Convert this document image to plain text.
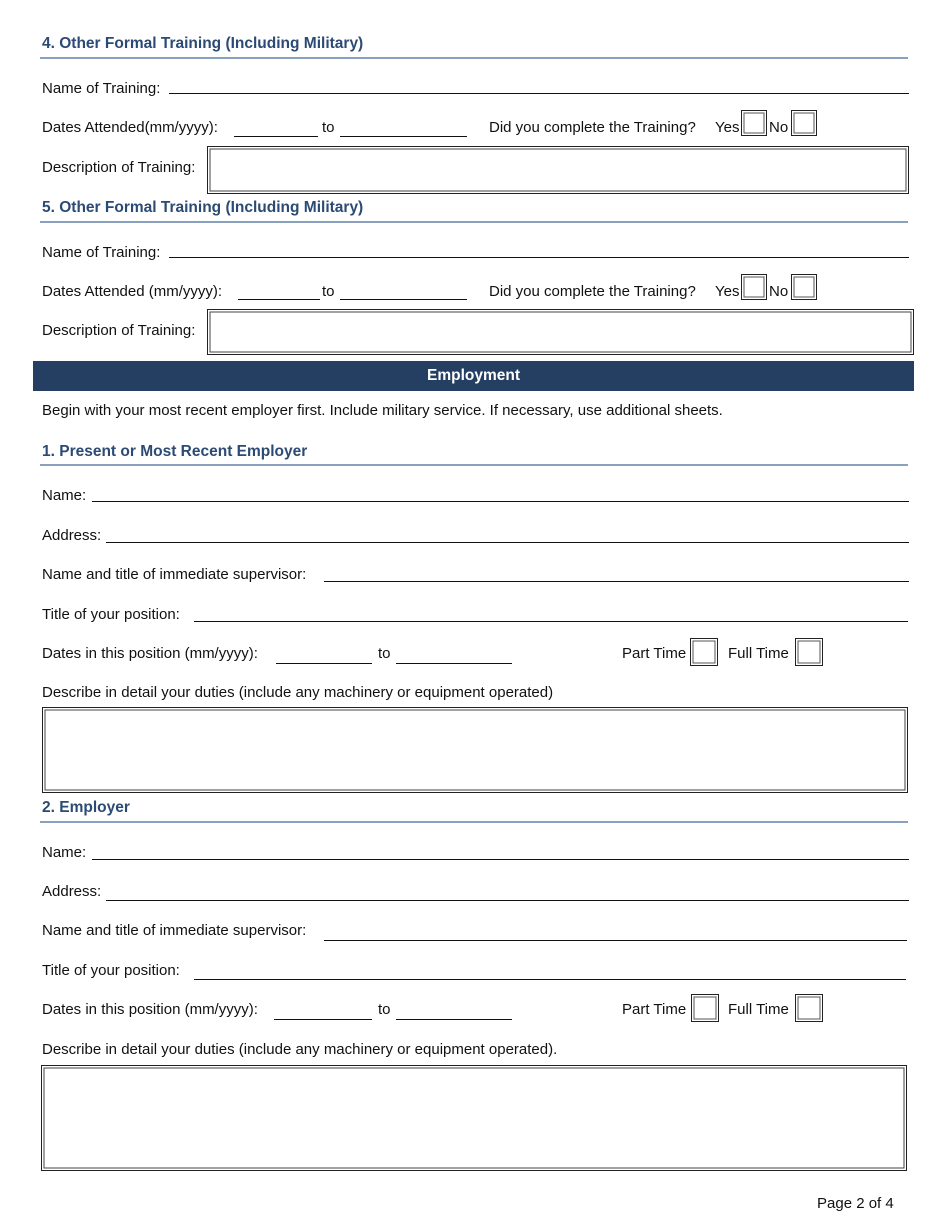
4. Other Formal Training (Including Military)
Name of Training:
Dates Attended(mm/yyyy):	to	Did you complete the Training? Yes No
Description of Training:
5. Other Formal Training (Including Military)
Name of Training:
Dates Attended (mm/yyyy):	to	Did you complete the Training? Yes No
Description of Training:
Employment
Begin with your most recent employer first. Include military service. If necessary, use additional sheets.
1. Present or Most Recent Employer
Name:
Address:
Name and title of immediate supervisor:
Title of your position:
Dates in this position (mm/yyyy):	to	Part Time	Full Time
Describe in detail your duties (include any machinery or equipment operated)
2. Employer
Name:
Address:
Name and title of immediate supervisor:
Title of your position:
Dates in this position (mm/yyyy):	to	Part Time	Full Time
Describe in detail your duties (include any machinery or equipment operated).
Page 2 of 4
